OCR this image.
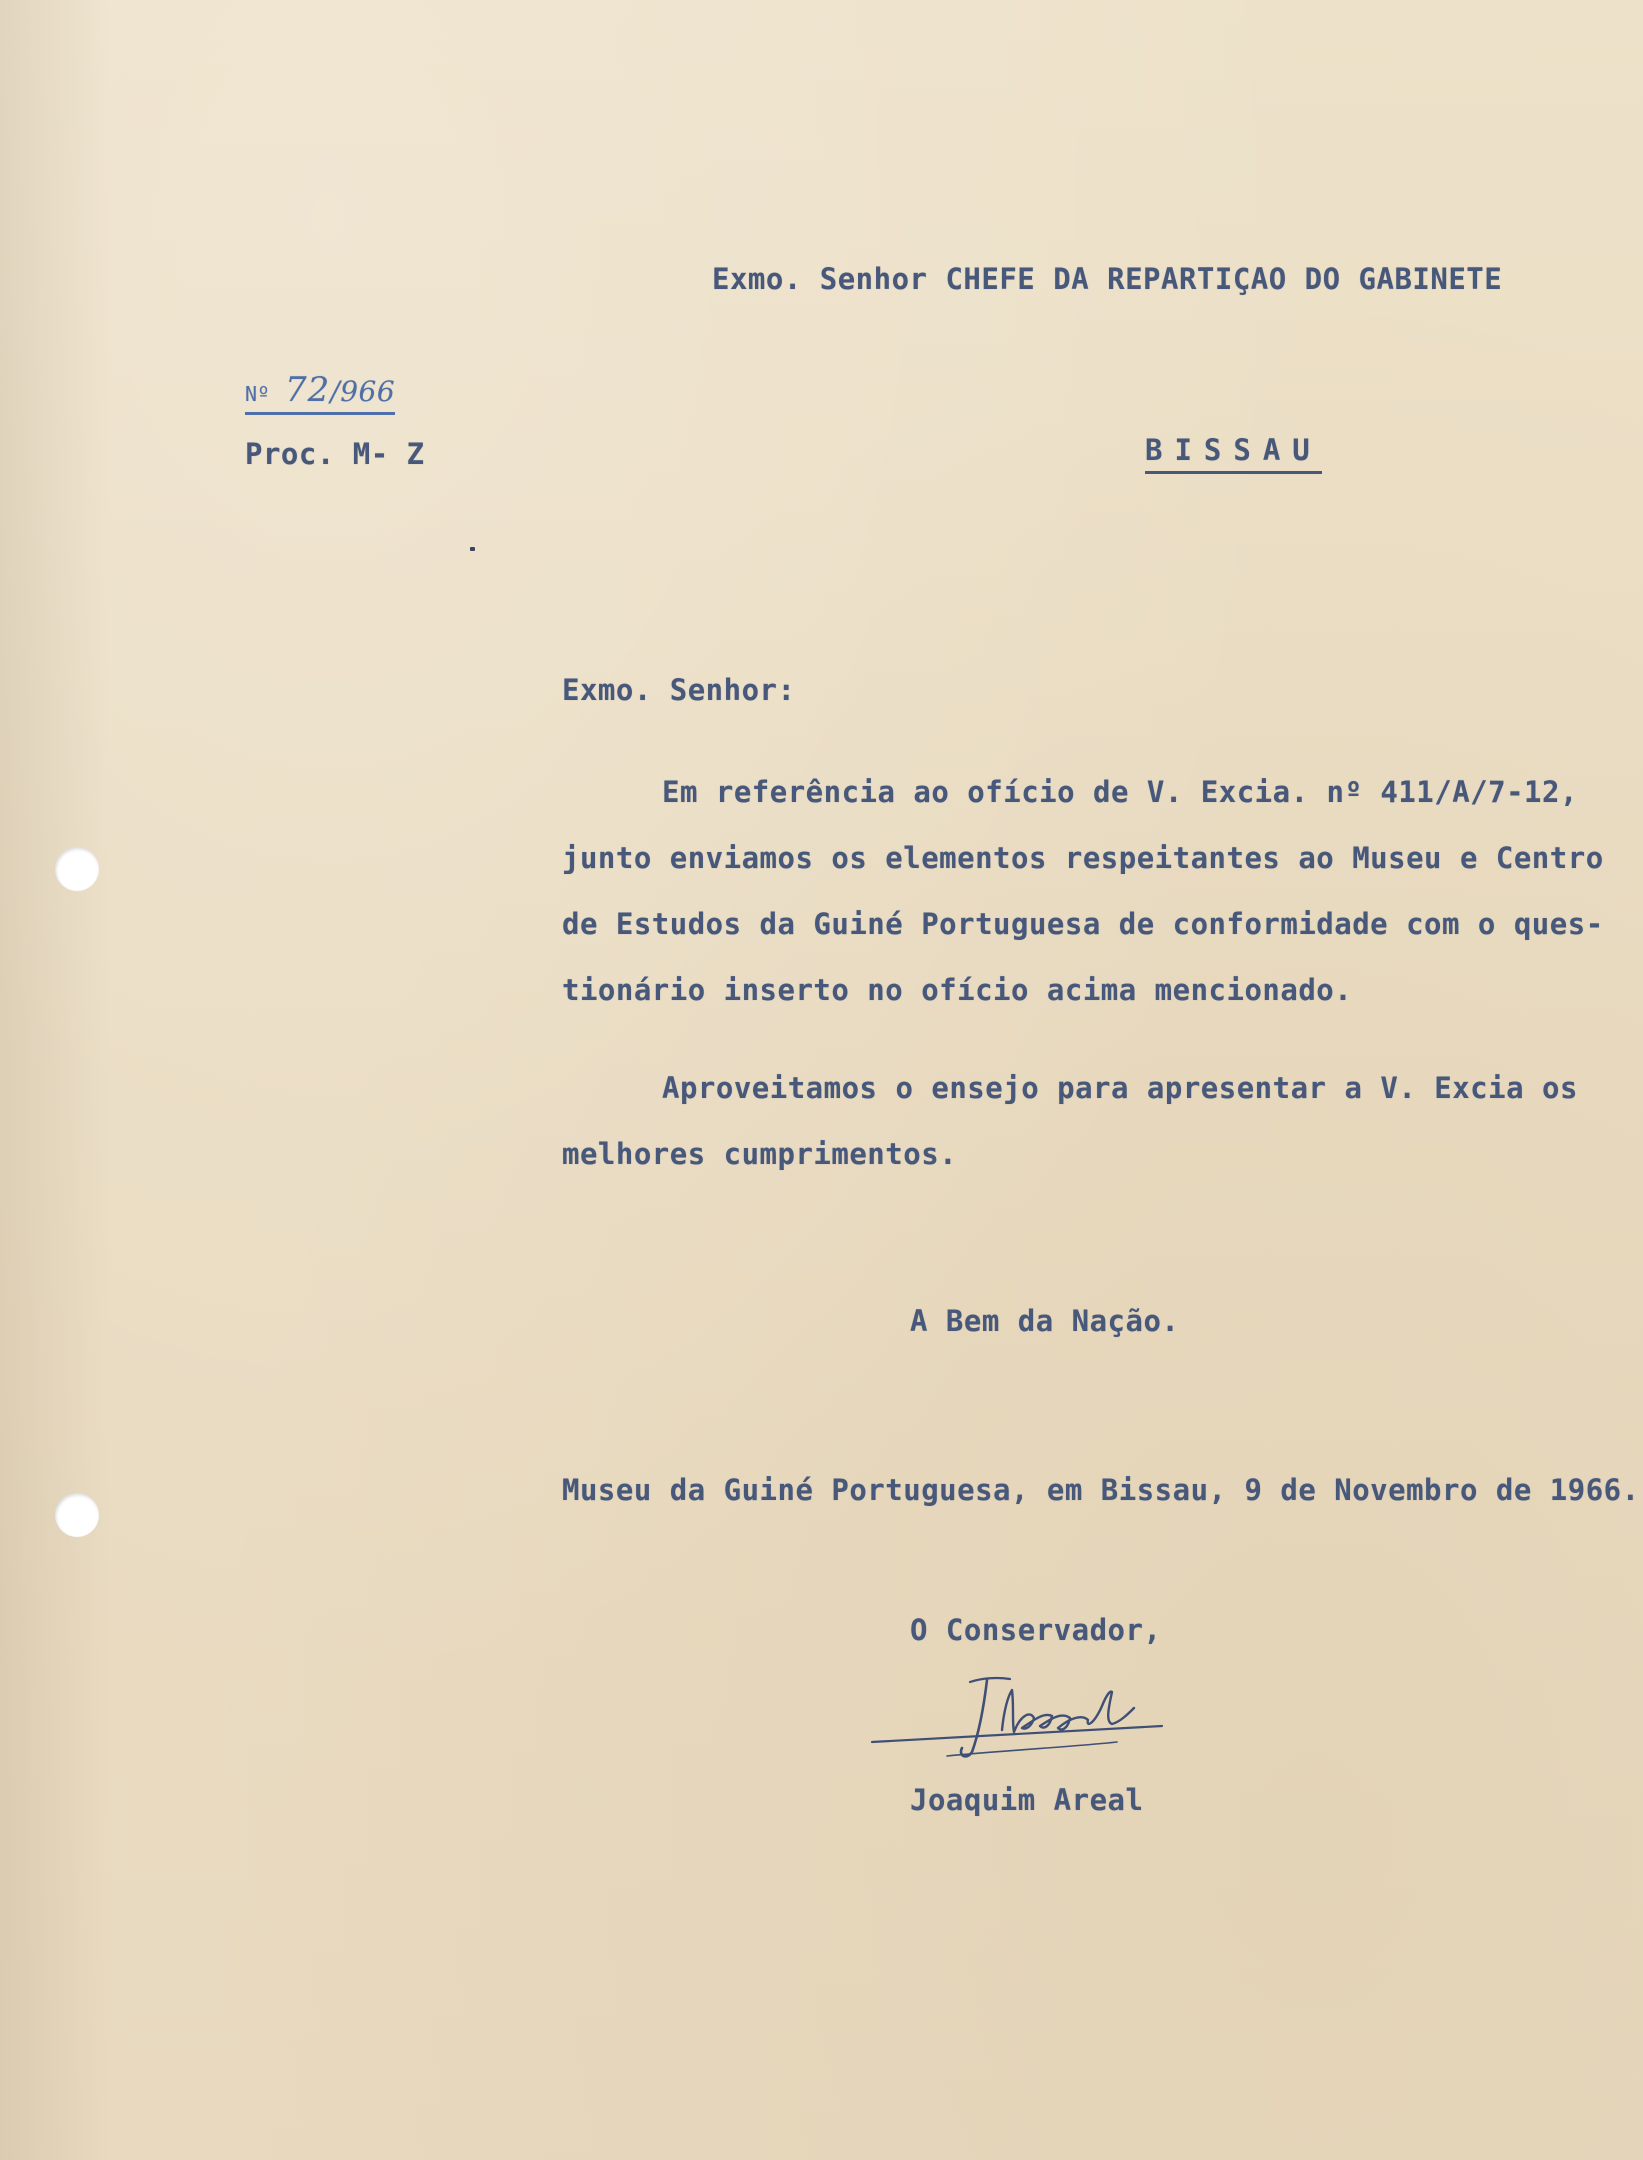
Exmo. Senhor CHEFE DA REPARTIÇAO DO GABINETE
Nº 72/966
Proc. M- Z	BISSAU
Exmo. Senhor:
Em referência ao ofício de V. Excia. nº 411/A/7-12,
junto enviamos os elementos respeitantes ao Museu e Centro
de Estudos da Guiné Portuguesa de conformidade com o ques-
tionário inserto no ofício acima mencionado.
Aproveitamos o ensejo para apresentar a V. Excia os
melhores cumprimentos.
A Bem da Nação.
Museu da Guiné Portuguesa, em Bissau, 9 de Novembro de 1966.
O Conservador,
Joaquim Areal
